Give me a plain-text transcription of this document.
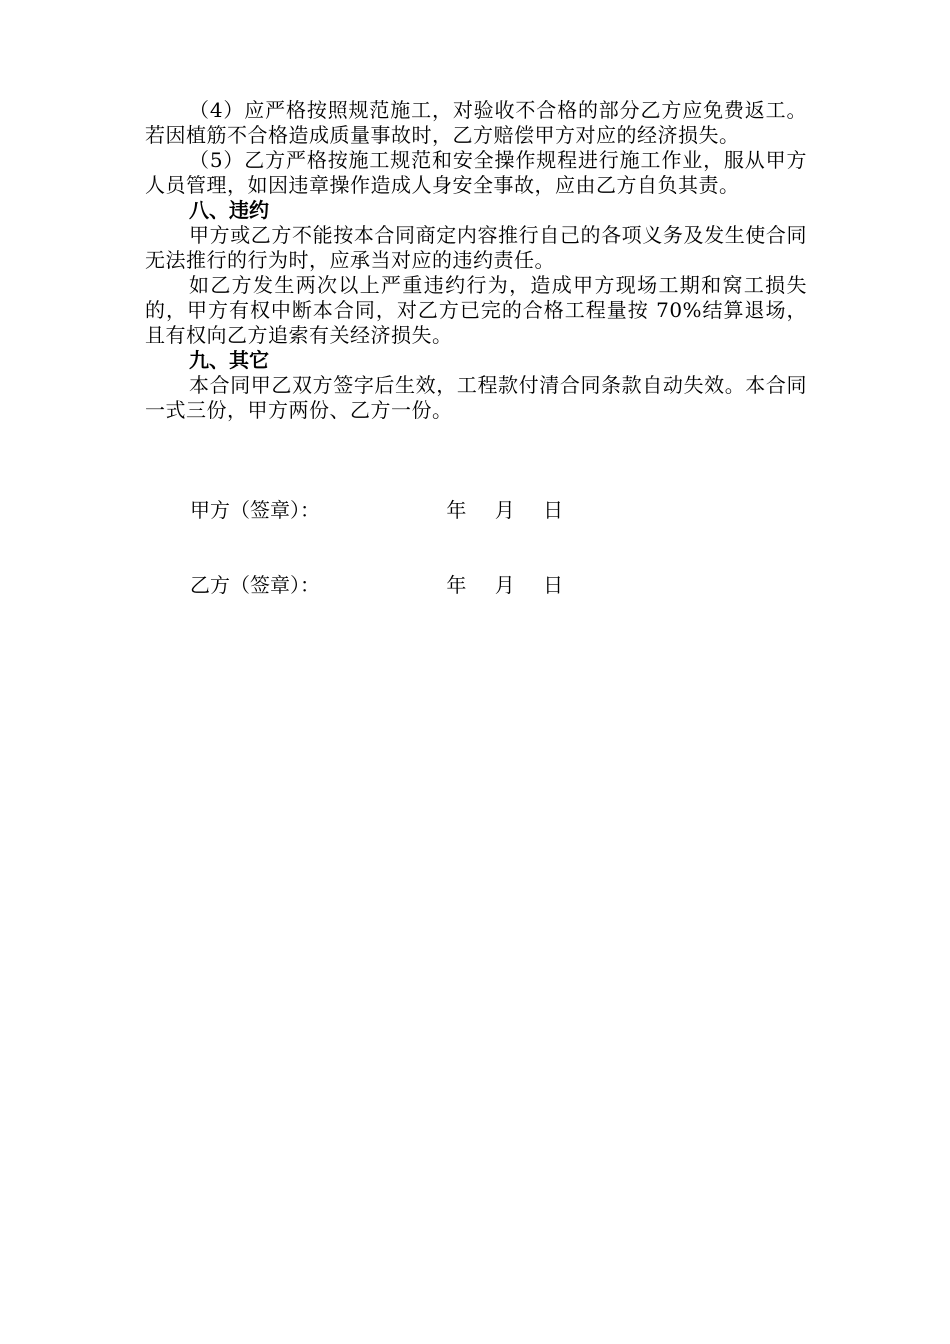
（4）应严格按照规范施工，对验收不合格的部分乙方应免费返工。若因植筋不合格造成质量事故时，乙方赔偿甲方对应的经济损失。

（5）乙方严格按施工规范和安全操作规程进行施工作业，服从甲方人员管理，如因违章操作造成人身安全事故，应由乙方自负其责。

八、违约

甲方或乙方不能按本合同商定内容推行自己的各项义务及发生使合同无法推行的行为时，应承当对应的违约责任。

如乙方发生两次以上严重违约行为，造成甲方现场工期和窝工损失的，甲方有权中断本合同，对乙方已完的合格工程量按 70%结算退场，且有权向乙方追索有关经济损失。

九、其它

本合同甲乙双方签字后生效，工程款付清合同条款自动失效。本合同一式三份，甲方两份、乙方一份。

甲方（签章）：	年 月 日
乙方（签章）：	年 月 日
